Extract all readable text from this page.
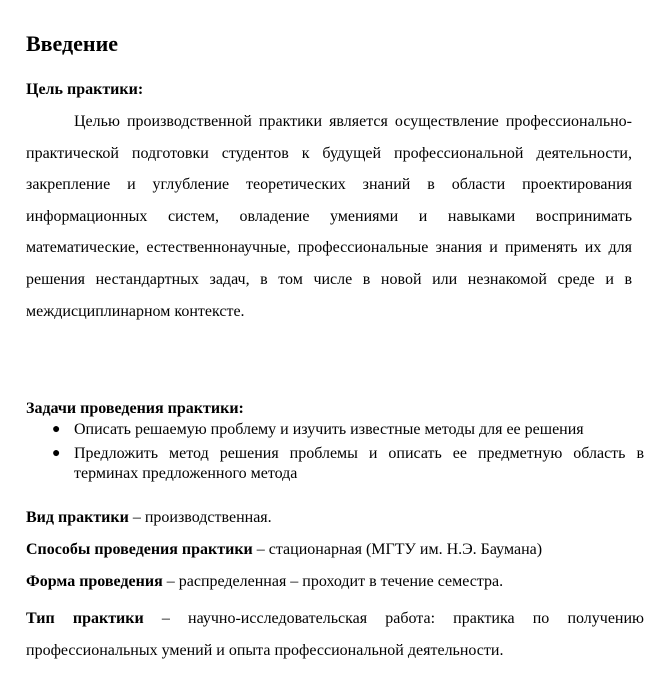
Введение
Цель практики:

Целью производственной практики является осуществление профессионально-практической подготовки студентов к будущей профессиональной деятельности, закрепление и углубление теоретических знаний в области проектирования информационных систем, овладение умениями и навыками воспринимать математические, естественнонаучные, профессиональные знания и применять их для решения нестандартных задач, в том числе в новой или незнакомой среде и в междисциплинарном контексте.

Задачи проведения практики:
● Описать решаемую проблему и изучить известные методы для ее решения
● Предложить метод решения проблемы и описать ее предметную область в терминах предложенного метода

Вид практики – производственная.

Способы проведения практики – стационарная (МГТУ им. Н.Э. Баумана)

Форма проведения – распределенная – проходит в течение семестра.

Тип практики – научно-исследовательская работа: практика по получению профессиональных умений и опыта профессиональной деятельности.
